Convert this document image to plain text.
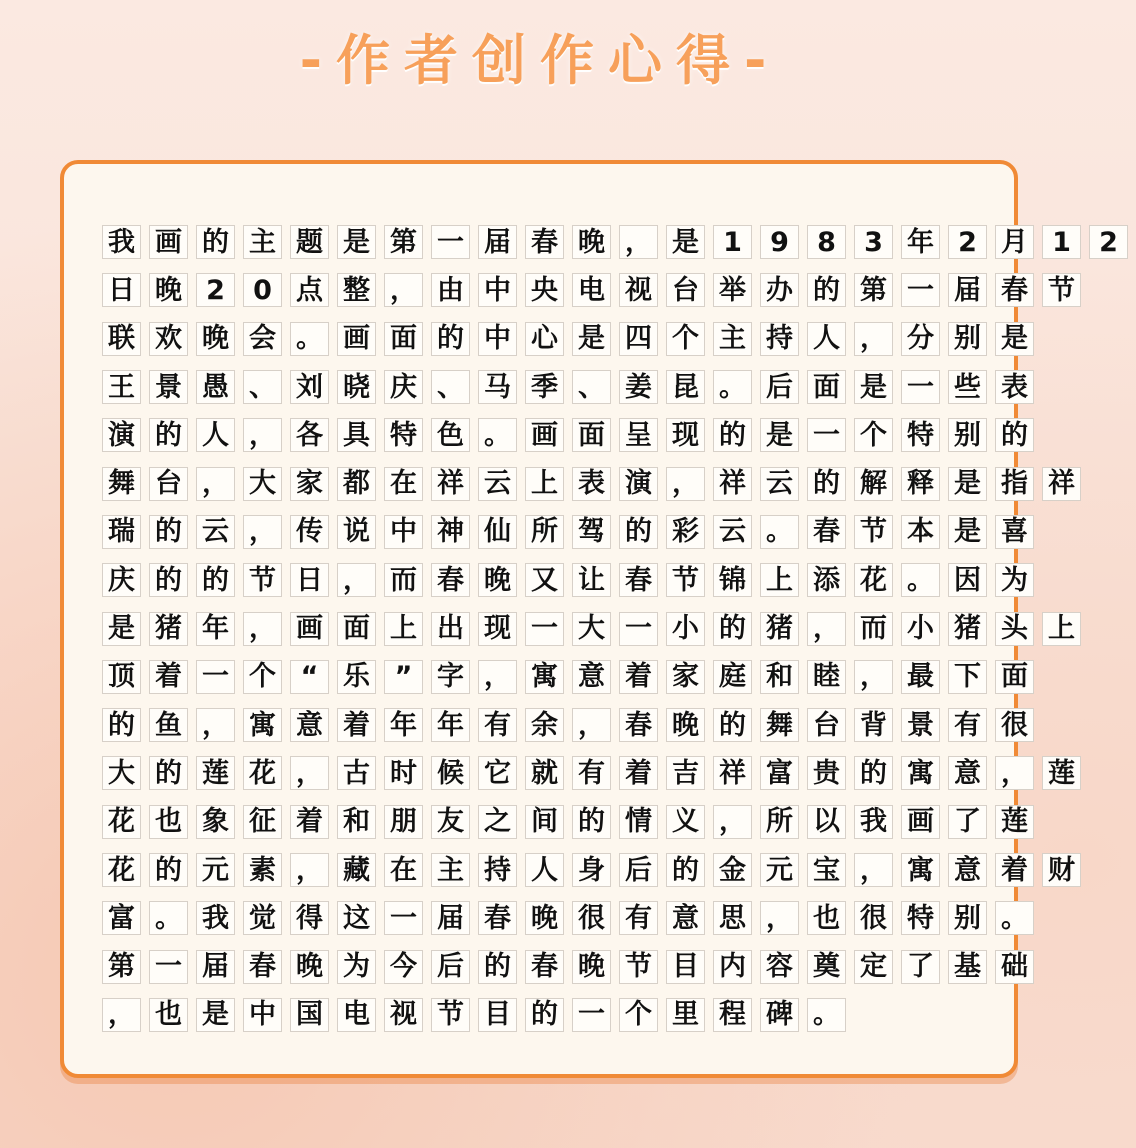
-作者创作心得-
我 画 的 主 题 是 第 一 届 春 晚 ， 是 1	9	8	3 年 2 月 1	2
日 晚 2	0 点 整 ， 由 中 央 电 视 台 举 办 的 第 一 届 春 节
联 欢 晚 会 。 画 面 的 中 心 是 四 个 主 持 人 ， 分 别 是
王 景 愚 、 刘 晓 庆 、 马 季 、 姜 昆 。 后 面 是 一 些 表
演 的 人 ， 各 具 特 色 。 画 面 呈 现 的 是 一 个 特 别 的
舞 台 ， 大 家 都 在 祥 云 上 表 演 ， 祥 云 的 解 释 是 指 祥
瑞 的 云 ， 传 说 中 神 仙 所 驾 的 彩 云 。 春 节 本 是 喜
庆 的 的 节 日 ， 而 春 晚 又 让 春 节 锦 上 添 花 。 因 为
是 猪 年 ， 画 面 上 出 现 一 大 一 小 的 猪 ， 而 小 猪 头 上
顶 着 一 个 “ 乐 ” 字 ， 寓 意 着 家 庭 和 睦 ， 最 下 面
的 鱼 ， 寓 意 着 年 年 有 余 ， 春 晚 的 舞 台 背 景 有 很
大 的 莲 花 ， 古 时 候 它 就 有 着 吉 祥 富 贵 的 寓 意 ， 莲
花 也 象 征 着 和 朋 友 之 间 的 情 义 ， 所 以 我 画 了 莲
花 的 元 素 ， 藏 在 主 持 人 身 后 的 金 元 宝 ， 寓 意 着 财
富 。 我 觉 得 这 一 届 春 晚 很 有 意 思 ， 也 很 特 别 。
第 一 届 春 晚 为 今 后 的 春 晚 节 目 内 容 奠 定 了 基 础
， 也 是 中 国 电 视 节 目 的 一 个 里 程 碑 。
